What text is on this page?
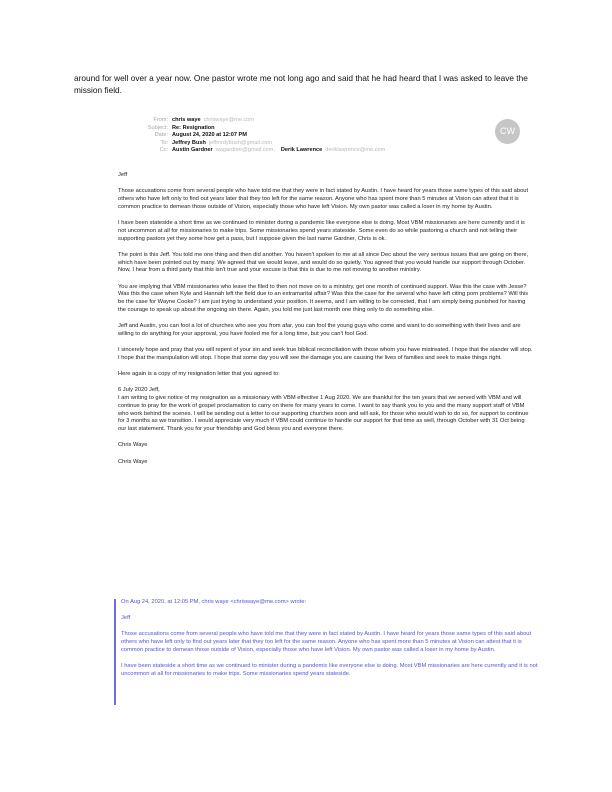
around for well over a year now. One pastor wrote me not long ago and said that he had heard that I was asked to leave the mission field.
From: chris waye chriswaye@me.com
Subject: Re: Resignation
Date: August 24, 2020 at 12:07 PM
To: Jeffrey Bush jeffmrdybush@gmail.com
Cc: Austin Gardner wagardner@gmail.com, Derik Lawrence deriklawrence@me.com
CW

Jeff

Those accusations come from several people who have told me that they were in fact stated by Austin. I have heard for years those same types of this said about others who have left only to find out years later that they too left for the same reason. Anyone who has spent more than 5 minutes at Vision can attest that it is common practice to demean those outside of Vision, especially those who have left Vision. My own pastor was called a loser in my home by Austin.

I have been stateside a short time as we continued to minister during a pandemic like everyone else is doing. Most VBM missionaries are here currently and it is not uncommon at all for missionaries to make trips. Some missionaries spend years stateside. Some even do so while pastoring a church and not telling their supporting pastors yet they some how get a pass, but I suppose given the last name Gardner, Chris is ok.

The point is this Jeff. You told me one thing and then did another. You haven't spoken to me at all since Dec about the very serious issues that are going on there, which have been pointed out by many. We agreed that we would leave, and would do so quietly. You agreed that you would handle our support through October. Now, I hear from a third party that this isn't true and your excuse is that this is due to me not moving to another ministry.

You are implying that VBM missionaries who leave the filed to then not move on to a ministry, get one month of continued support. Was this the case with Jesse? Was this the case when Kyle and Hannah left the field due to an extramarital affair? Was this the case for the several who have left citing porn problems? Will this be the case for Wayne Cooke? I am just trying to understand your position. It seems, and I am willing to be corrected, that I am simply being punished for having the courage to speak up about the ongoing sin there. Again, you told me just last month one thing only to do something else.

Jeff and Austin, you can fool a lot of churches who see you from afar, you can fool the young guys who come and want to do something with their lives and are willing to do anything for your approval, you have fooled me for a long time, but you can't fool God.

I sincerely hope and pray that you will repent of your sin and seek true biblical reconciliation with those whom you have mistreated. I hope that the slander will stop. I hope that the manipulation will stop. I hope that some day you will see the damage you are causing the lives of families and seek to make things right.

Here again is a copy of my resignation letter that you agreed to:

6 July 2020 Jeff,

I am writing to give notice of my resignation as a missionary with VBM effective 1 Aug 2020. We are thankful for the ten years that we served with VBM and will continue to pray for the work of gospel proclamation to carry on there for many years to come. I want to say thank you to you and the many support staff of VBM who work behind the scenes. I will be sending out a letter to our supporting churches soon and will ask, for those who would wish to do so, for support to continue for 3 months as we transition. I would appreciate very much if VBM could continue to handle our support for that time as well, through October with 31 Oct being our last statement. Thank you for your friendship and God bless you and everyone there.

Chris Waye

Chris Waye

On Aug 24, 2020, at 12:05 PM, chris waye <chriswaye@me.com> wrote:

Jeff

Those accusations come from several people who have told me that they were in fact stated by Austin. I have heard for years those same types of this said about others who have left only to find out years later that they too left for the same reason. Anyone who has spent more than 5 minutes at Vision can attest that it is common practice to demean those outside of Vision, especially those who have left Vision. My own pastor was called a loser in my home by Austin.

I have been stateside a short time as we continued to minister during a pandemic like everyone else is doing. Most VBM missionaries are here currently and it is not uncommon at all for missionaries to make trips. Some missionaries spend years stateside.
